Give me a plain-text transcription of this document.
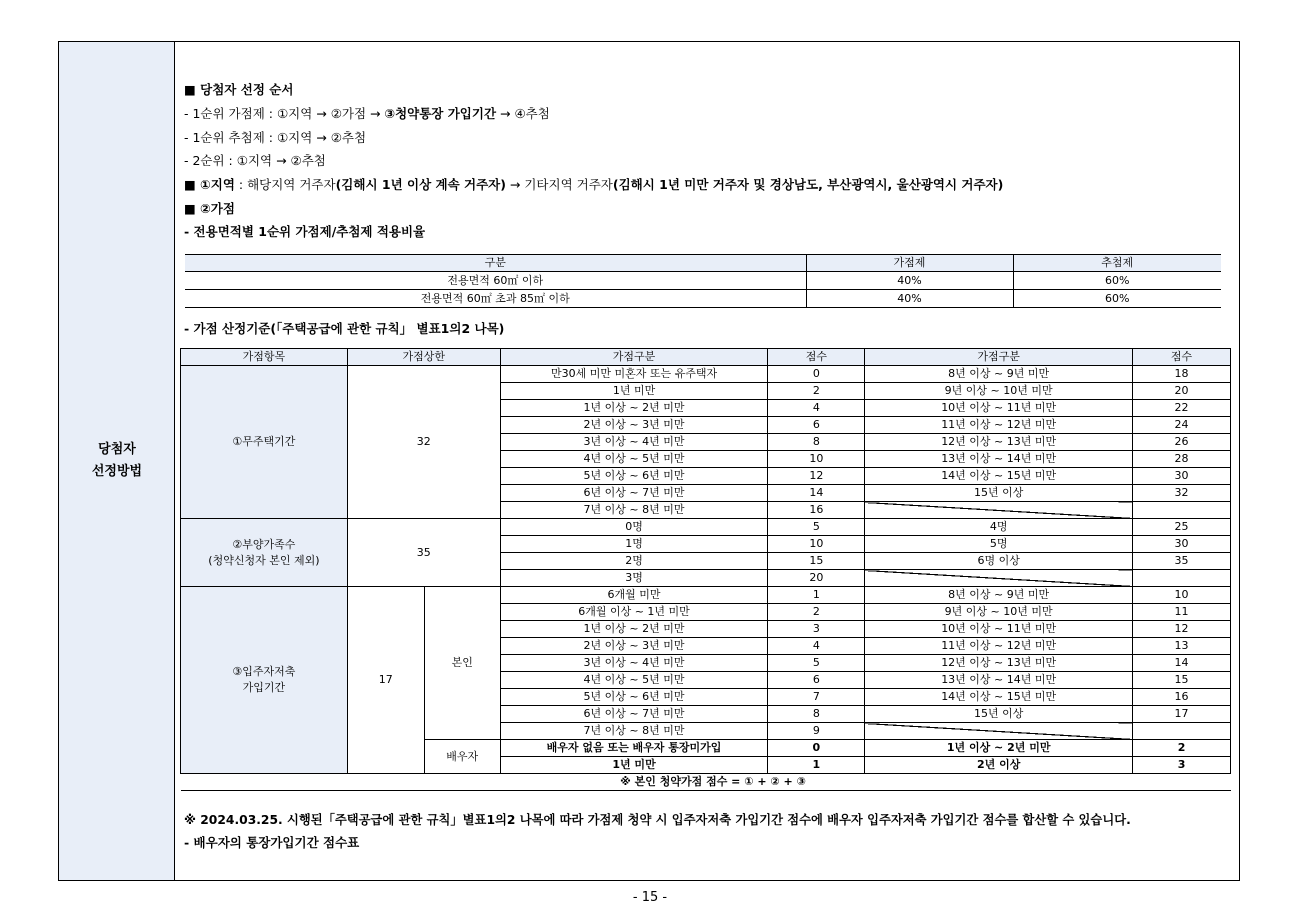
당첨자
선정방법
■ 당첨자 선정 순서
- 1순위 가점제 : ①지역 → ②가점 → ③청약통장 가입기간 → ④추첨
- 1순위 추첨제 : ①지역 → ②추첨
- 2순위 : ①지역 → ②추첨
■ ①지역 : 해당지역 거주자(김해시 1년 이상 계속 거주자) → 기타지역 거주자(김해시 1년 미만 거주자 및 경상남도, 부산광역시, 울산광역시 거주자)
■ ②가점
- 전용면적별 1순위 가점제/추첨제 적용비율
구분	가점제	추첨제
전용면적 60㎡ 이하	40%	60%
전용면적 60㎡ 초과 85㎡ 이하	40%	60%
- 가점 산정기준(「주택공급에 관한 규칙」 별표1의2 나목)
가점항목	가점상한		가점구분	점수	가점구분	점수

①무주택기간	32		만30세 미만 미혼자 또는 유주택자	0	8년 이상 ~ 9년 미만	18
			1년 미만	2	9년 이상 ~ 10년 미만	20
			1년 이상 ~ 2년 미만	4	10년 이상 ~ 11년 미만	22
			2년 이상 ~ 3년 미만	6	11년 이상 ~ 12년 미만	24
			3년 이상 ~ 4년 미만	8	12년 이상 ~ 13년 미만	26
			4년 이상 ~ 5년 미만	10	13년 이상 ~ 14년 미만	28
			5년 이상 ~ 6년 미만	12	14년 이상 ~ 15년 미만	30
			6년 이상 ~ 7년 미만	14	15년 이상	32
			7년 이상 ~ 8년 미만	16		

②부양가족수
(청약신청자 본인 제외)	35		0명	5	4명	25
			1명	10	5명	30
			2명	15	6명 이상	35
			3명	20		

③입주자저축
가입기간	17	본인	6개월 미만	1	8년 이상 ~ 9년 미만	10
			6개월 이상 ~ 1년 미만	2	9년 이상 ~ 10년 미만	11
			1년 이상 ~ 2년 미만	3	10년 이상 ~ 11년 미만	12
			2년 이상 ~ 3년 미만	4	11년 이상 ~ 12년 미만	13
			3년 이상 ~ 4년 미만	5	12년 이상 ~ 13년 미만	14
			4년 이상 ~ 5년 미만	6	13년 이상 ~ 14년 미만	15
			5년 이상 ~ 6년 미만	7	14년 이상 ~ 15년 미만	16
			6년 이상 ~ 7년 미만	8	15년 이상	17
			7년 이상 ~ 8년 미만	9		
		배우자	배우자 없음 또는 배우자 통장미가입	0	1년 이상 ~ 2년 미만	2
			1년 미만	1	2년 이상	3
			※ 본인 청약가점 점수 = ① + ② + ③			
※ 2024.03.25. 시행된「주택공급에 관한 규칙」별표1의2 나목에 따라 가점제 청약 시 입주자저축 가입기간 점수에 배우자 입주자저축 가입기간 점수를 합산할 수 있습니다.
- 배우자의 통장가입기간 점수표
- 15 -
